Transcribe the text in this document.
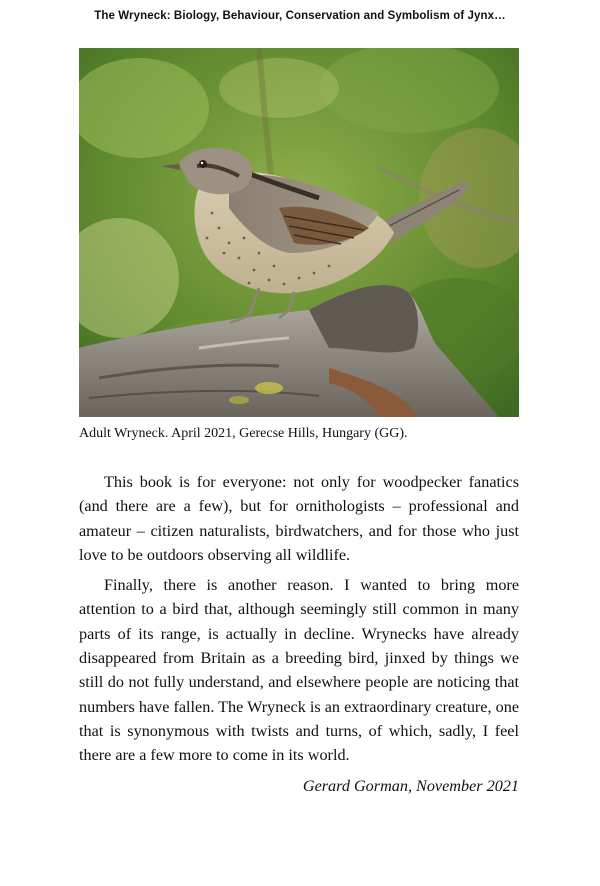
The Wryneck: Biology, Behaviour, Conservation and Symbolism of Jynx…
Adult Wryneck. April 2021, Gerecse Hills, Hungary (GG).

This book is for everyone: not only for woodpecker fanatics (and there are a few), but for ornithologists – professional and amateur – citizen naturalists, birdwatchers, and for those who just love to be outdoors observing all wildlife.

Finally, there is another reason. I wanted to bring more attention to a bird that, although seemingly still common in many parts of its range, is actually in decline. Wrynecks have already disappeared from Britain as a breeding bird, jinxed by things we still do not fully understand, and elsewhere people are noticing that numbers have fallen. The Wryneck is an extraordinary creature, one that is synonymous with twists and turns, of which, sadly, I feel there are a few more to come in its world.

Gerard Gorman, November 2021
